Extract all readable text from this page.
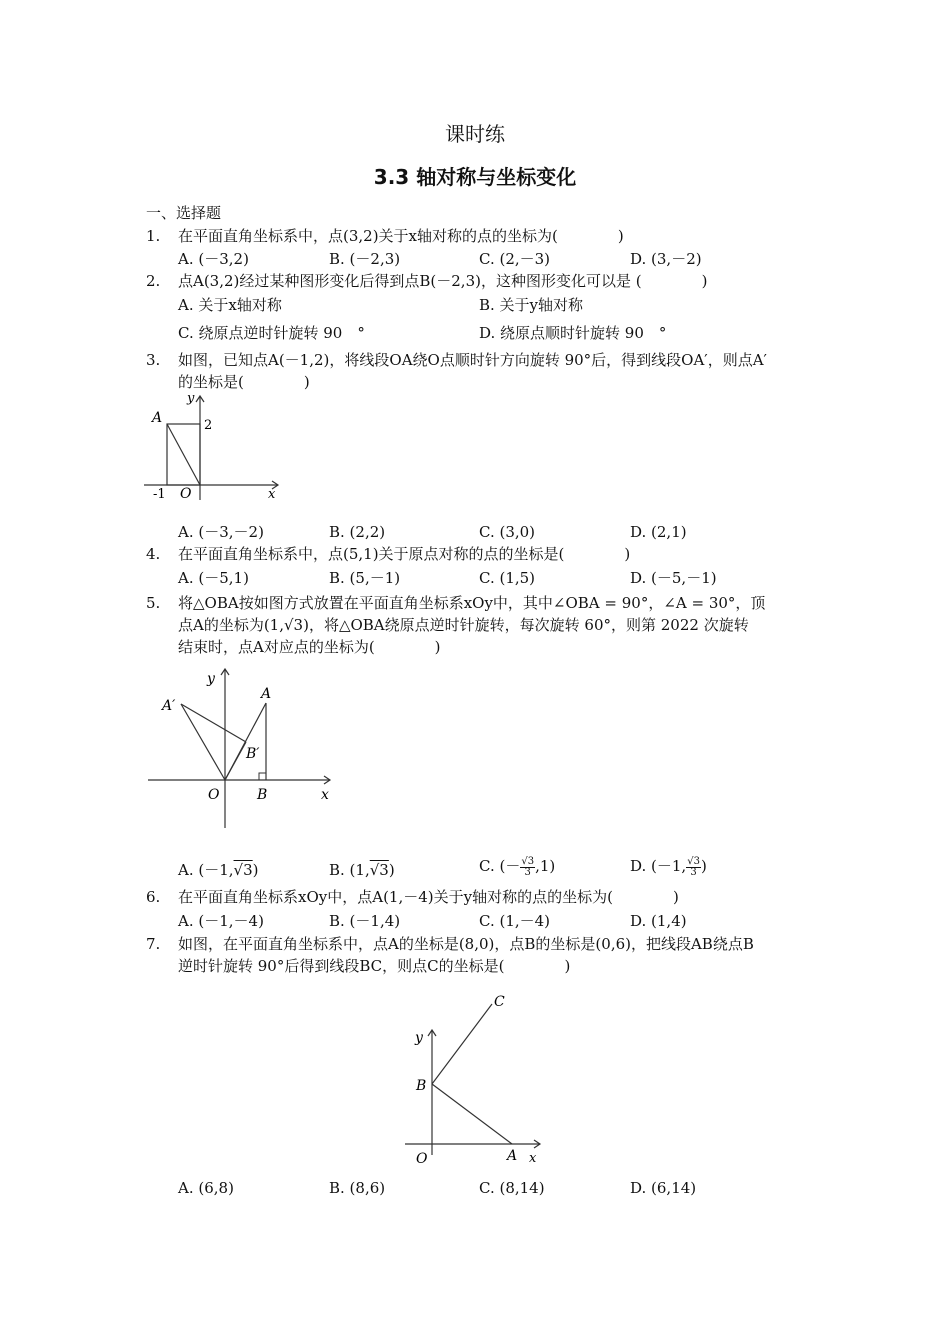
课时练
3.3 轴对称与坐标变化
一、选择题
1.	在平面直角坐标系中，点(3,2)关于x轴对称的点的坐标为(　　　　)
A. (－3,2)	B. (－2,3)	C. (2,－3)	D. (3,－2)
2.	点A(3,2)经过某种图形变化后得到点B(－2,3)，这种图形变化可以是 (　　　　)
A. 关于x轴对称	B. 关于y轴对称
C. 绕原点逆时针旋转 90　°	D. 绕原点顺时针旋转 90　°
3.	如图，已知点A(－1,2)，将线段OA绕O点顺时针方向旋转 90°后，得到线段OA′，则点A′
的坐标是(　　　　)
A
y
2
-1 O	x
A. (－3,－2)	B. (2,2)	C. (3,0)	D. (2,1)
4.	在平面直角坐标系中，点(5,1)关于原点对称的点的坐标是(　　　　)
A. (－5,1)	B. (5,－1)	C. (1,5)	D. (－5,－1)
5.	将△OBA按如图方式放置在平面直角坐标系xOy中，其中∠OBA = 90°，∠A = 30°，顶
点A的坐标为(1,√3)，将△OBA绕原点逆时针旋转，每次旋转 60°，则第 2022 次旋转
结束时，点A对应点的坐标为(　　　　)
y
A
A′
B′
O	B	x
A. (－1,√3)	B. (1,√3)	C. (－ $\frac{√3}{3} ,1$)	D. (－1, $\frac{√3}{3}$ )
6.	在平面直角坐标系xOy中，点A(1,－4)关于y轴对称的点的坐标为(　　　　)
A. (－1,－4)	B. (－1,4)	C. (1,－4)	D. (1,4)
7.	如图，在平面直角坐标系中，点A的坐标是(8,0)，点B的坐标是(0,6)，把线段AB绕点B
逆时针旋转 90°后得到线段BC，则点C的坐标是(　　　　)
C
y
B
O	A x
A. (6,8)	B. (8,6)	C. (8,14)	D. (6,14)
